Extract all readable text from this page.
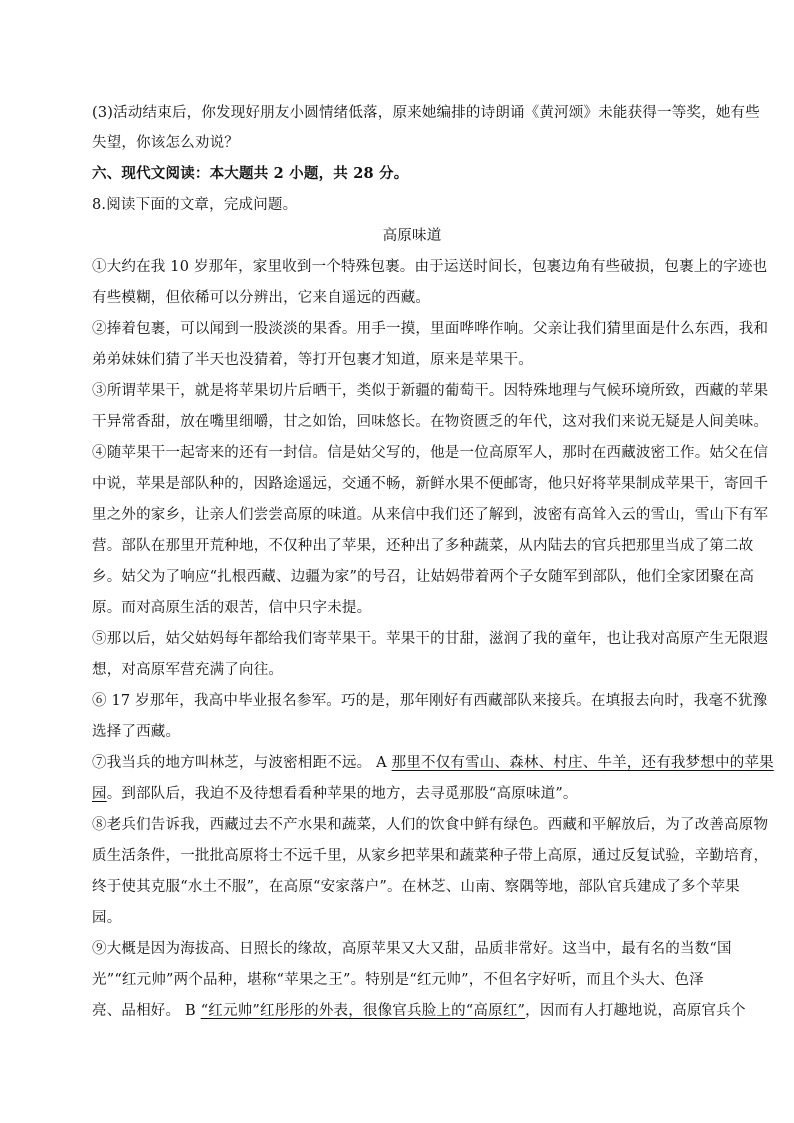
(3)活动结束后，你发现好朋友小圆情绪低落，原来她编排的诗朗诵《黄河颂》未能获得一等奖，她有些
失望，你该怎么劝说？
六、现代文阅读：本大题共 2 小题，共 28 分。
8.阅读下面的文章，完成问题。
高原味道
①大约在我 10 岁那年，家里收到一个特殊包裹。由于运送时间长，包裹边角有些破损，包裹上的字迹也
有些模糊，但依稀可以分辨出，它来自遥远的西藏。
②捧着包裹，可以闻到一股淡淡的果香。用手一摸，里面哗哗作响。父亲让我们猜里面是什么东西，我和
弟弟妹妹们猜了半天也没猜着，等打开包裹才知道，原来是苹果干。
③所谓苹果干，就是将苹果切片后晒干，类似于新疆的葡萄干。因特殊地理与气候环境所致，西藏的苹果
干异常香甜，放在嘴里细嚼，甘之如饴，回味悠长。在物资匮乏的年代，这对我们来说无疑是人间美味。
④随苹果干一起寄来的还有一封信。信是姑父写的，他是一位高原军人，那时在西藏波密工作。姑父在信
中说，苹果是部队种的，因路途遥远，交通不畅，新鲜水果不便邮寄，他只好将苹果制成苹果干，寄回千
里之外的家乡，让亲人们尝尝高原的味道。从来信中我们还了解到，波密有高耸入云的雪山，雪山下有军
营。部队在那里开荒种地，不仅种出了苹果，还种出了多种蔬菜，从内陆去的官兵把那里当成了第二故
乡。姑父为了响应“扎根西藏、边疆为家”的号召，让姑妈带着两个子女随军到部队，他们全家团聚在高
原。而对高原生活的艰苦，信中只字未提。
⑤那以后，姑父姑妈每年都给我们寄苹果干。苹果干的甘甜，滋润了我的童年，也让我对高原产生无限遐
想，对高原军营充满了向往。
⑥ 17 岁那年，我高中毕业报名参军。巧的是，那年刚好有西藏部队来接兵。在填报去向时，我毫不犹豫
选择了西藏。
⑦我当兵的地方叫林芝，与波密相距不远。 A 那里不仅有雪山、森林、村庄、牛羊，还有我梦想中的苹果
园。到部队后，我迫不及待想看看种苹果的地方，去寻觅那股“高原味道”。
⑧老兵们告诉我，西藏过去不产水果和蔬菜，人们的饮食中鲜有绿色。西藏和平解放后，为了改善高原物
质生活条件，一批批高原将士不远千里，从家乡把苹果和蔬菜种子带上高原，通过反复试验，辛勤培育，
终于使其克服“水土不服”，在高原“安家落户”。在林芝、山南、察隅等地，部队官兵建成了多个苹果
园。
⑨大概是因为海拔高、日照长的缘故，高原苹果又大又甜，品质非常好。这当中，最有名的当数“国
光”“红元帅”两个品种，堪称“苹果之王”。特别是“红元帅”，不但名字好听，而且个头大、色泽
亮、品相好。 B “红元帅”红彤彤的外表，很像官兵脸上的“高原红”，因而有人打趣地说，高原官兵个
